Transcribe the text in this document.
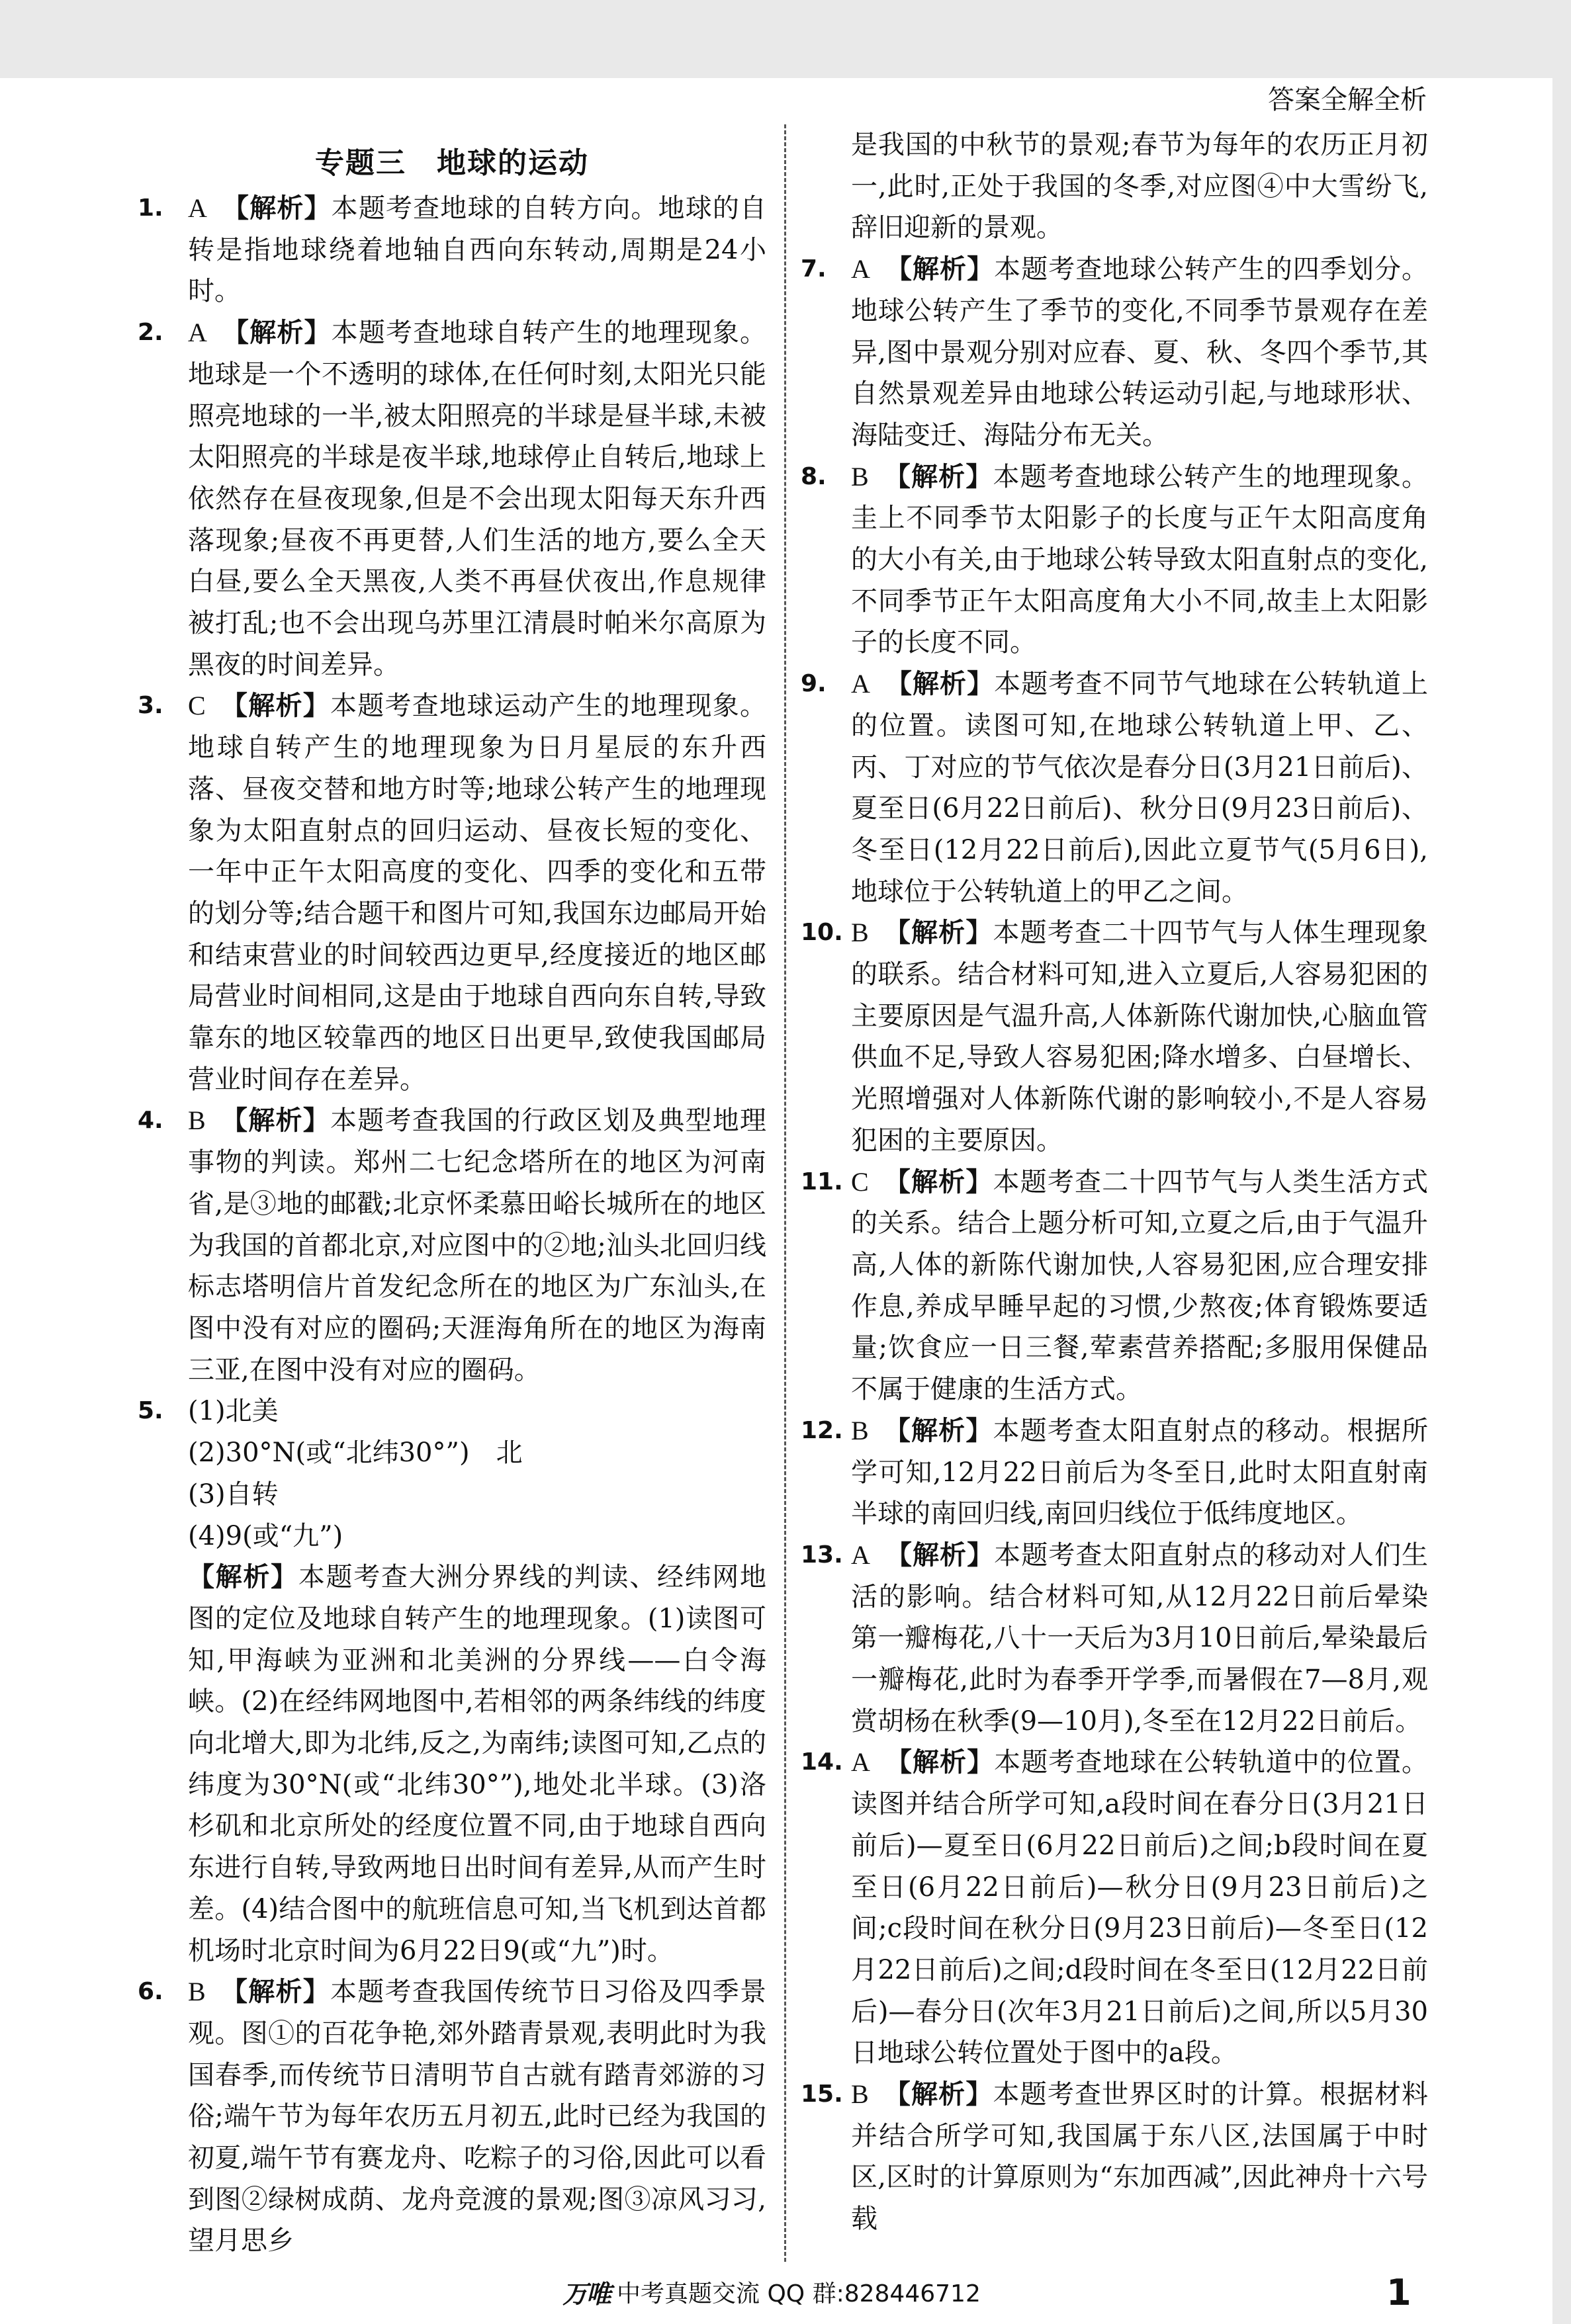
答案全解全析
专题三　地球的运动
1. A 【解析】本题考查地球的自转方向。地球的自转是指地球绕着地轴自西向东转动,周期是24小时。
2. A 【解析】本题考查地球自转产生的地理现象。地球是一个不透明的球体,在任何时刻,太阳光只能照亮地球的一半,被太阳照亮的半球是昼半球,未被太阳照亮的半球是夜半球,地球停止自转后,地球上依然存在昼夜现象,但是不会出现太阳每天东升西落现象;昼夜不再更替,人们生活的地方,要么全天白昼,要么全天黑夜,人类不再昼伏夜出,作息规律被打乱;也不会出现乌苏里江清晨时帕米尔高原为黑夜的时间差异。
3. C 【解析】本题考查地球运动产生的地理现象。地球自转产生的地理现象为日月星辰的东升西落、昼夜交替和地方时等;地球公转产生的地理现象为太阳直射点的回归运动、昼夜长短的变化、一年中正午太阳高度的变化、四季的变化和五带的划分等;结合题干和图片可知,我国东边邮局开始和结束营业的时间较西边更早,经度接近的地区邮局营业时间相同,这是由于地球自西向东自转,导致靠东的地区较靠西的地区日出更早,致使我国邮局营业时间存在差异。
4. B 【解析】本题考查我国的行政区划及典型地理事物的判读。郑州二七纪念塔所在的地区为河南省,是③地的邮戳;北京怀柔慕田峪长城所在的地区为我国的首都北京,对应图中的②地;汕头北回归线标志塔明信片首发纪念所在的地区为广东汕头,在图中没有对应的圈码;天涯海角所在的地区为海南三亚,在图中没有对应的圈码。
5. (1)北美
(2)30°N(或“北纬30°”)　北
(3)自转
(4)9(或“九”)
【解析】本题考查大洲分界线的判读、经纬网地图的定位及地球自转产生的地理现象。(1)读图可知,甲海峡为亚洲和北美洲的分界线——白令海峡。(2)在经纬网地图中,若相邻的两条纬线的纬度向北增大,即为北纬,反之,为南纬;读图可知,乙点的纬度为30°N(或“北纬30°”),地处北半球。(3)洛杉矶和北京所处的经度位置不同,由于地球自西向东进行自转,导致两地日出时间有差异,从而产生时差。(4)结合图中的航班信息可知,当飞机到达首都机场时北京时间为6月22日9(或“九”)时。
6. B 【解析】本题考查我国传统节日习俗及四季景观。图①的百花争艳,郊外踏青景观,表明此时为我国春季,而传统节日清明节自古就有踏青郊游的习俗;端午节为每年农历五月初五,此时已经为我国的初夏,端午节有赛龙舟、吃粽子的习俗,因此可以看到图②绿树成荫、龙舟竞渡的景观;图③凉风习习,望月思乡
是我国的中秋节的景观;春节为每年的农历正月初一,此时,正处于我国的冬季,对应图④中大雪纷飞,辞旧迎新的景观。
7. A 【解析】本题考查地球公转产生的四季划分。地球公转产生了季节的变化,不同季节景观存在差异,图中景观分别对应春、夏、秋、冬四个季节,其自然景观差异由地球公转运动引起,与地球形状、海陆变迁、海陆分布无关。
8. B 【解析】本题考查地球公转产生的地理现象。圭上不同季节太阳影子的长度与正午太阳高度角的大小有关,由于地球公转导致太阳直射点的变化,不同季节正午太阳高度角大小不同,故圭上太阳影子的长度不同。
9. A 【解析】本题考查不同节气地球在公转轨道上的位置。读图可知,在地球公转轨道上甲、乙、丙、丁对应的节气依次是春分日(3月21日前后)、夏至日(6月22日前后)、秋分日(9月23日前后)、冬至日(12月22日前后),因此立夏节气(5月6日),地球位于公转轨道上的甲乙之间。
10. B 【解析】本题考查二十四节气与人体生理现象的联系。结合材料可知,进入立夏后,人容易犯困的主要原因是气温升高,人体新陈代谢加快,心脑血管供血不足,导致人容易犯困;降水增多、白昼增长、光照增强对人体新陈代谢的影响较小,不是人容易犯困的主要原因。
11. C 【解析】本题考查二十四节气与人类生活方式的关系。结合上题分析可知,立夏之后,由于气温升高,人体的新陈代谢加快,人容易犯困,应合理安排作息,养成早睡早起的习惯,少熬夜;体育锻炼要适量;饮食应一日三餐,荤素营养搭配;多服用保健品不属于健康的生活方式。
12. B 【解析】本题考查太阳直射点的移动。根据所学可知,12月22日前后为冬至日,此时太阳直射南半球的南回归线,南回归线位于低纬度地区。
13. A 【解析】本题考查太阳直射点的移动对人们生活的影响。结合材料可知,从12月22日前后晕染第一瓣梅花,八十一天后为3月10日前后,晕染最后一瓣梅花,此时为春季开学季,而暑假在7—8月,观赏胡杨在秋季(9—10月),冬至在12月22日前后。
14. A 【解析】本题考查地球在公转轨道中的位置。读图并结合所学可知,a段时间在春分日(3月21日前后)—夏至日(6月22日前后)之间;b段时间在夏至日(6月22日前后)—秋分日(9月23日前后)之间;c段时间在秋分日(9月23日前后)—冬至日(12月22日前后)之间;d段时间在冬至日(12月22日前后)—春分日(次年3月21日前后)之间,所以5月30日地球公转位置处于图中的a段。
15. B 【解析】本题考查世界区时的计算。根据材料并结合所学可知,我国属于东八区,法国属于中时区,区时的计算原则为“东加西减”,因此神舟十六号载
万唯 中考真题交流 QQ 群:828446712	1
